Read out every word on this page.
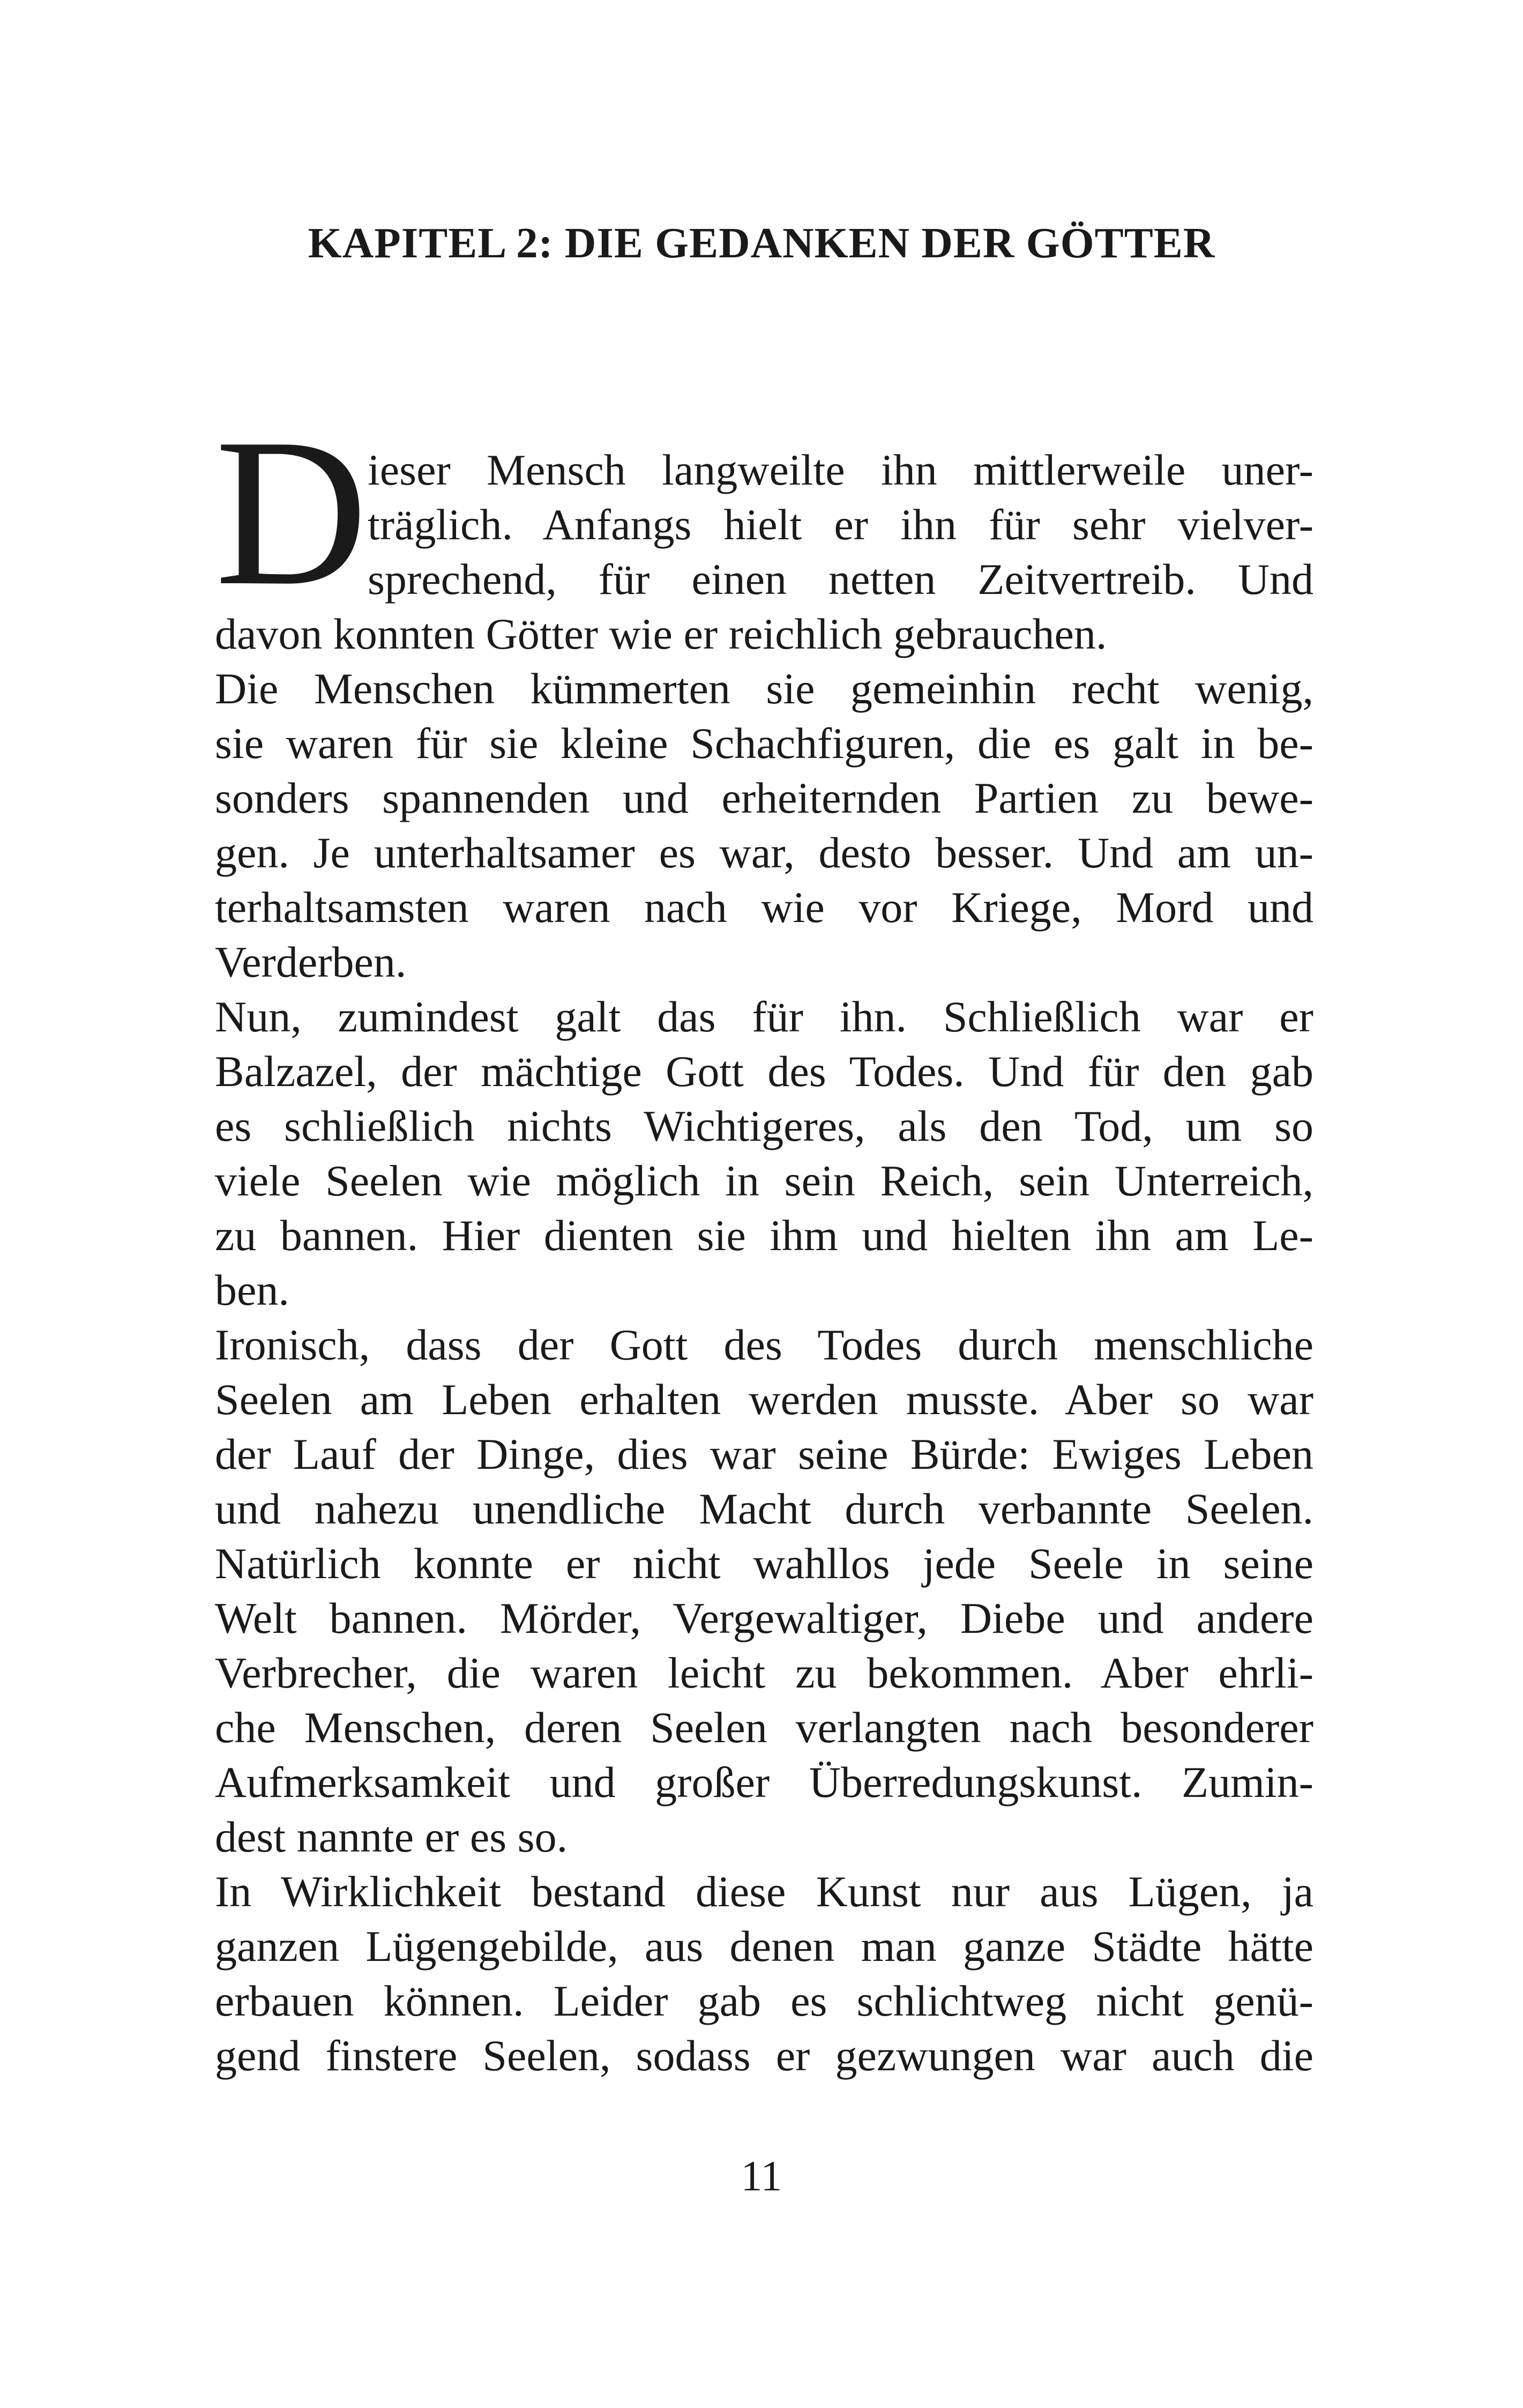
KAPITEL 2: DIE GEDANKEN DER GÖTTER
D ieser Mensch langweilte ihn mittlerweile uner-
träglich. Anfangs hielt er ihn für sehr vielver-
sprechend, für einen netten Zeitvertreib. Und
davon konnten Götter wie er reichlich gebrauchen.
Die Menschen kümmerten sie gemeinhin recht wenig,
sie waren für sie kleine Schachfiguren, die es galt in be-
sonders spannenden und erheiternden Partien zu bewe-
gen. Je unterhaltsamer es war, desto besser. Und am un-
terhaltsamsten waren nach wie vor Kriege, Mord und
Verderben.
Nun, zumindest galt das für ihn. Schließlich war er
Balzazel, der mächtige Gott des Todes. Und für den gab
es schließlich nichts Wichtigeres, als den Tod, um so
viele Seelen wie möglich in sein Reich, sein Unterreich,
zu bannen. Hier dienten sie ihm und hielten ihn am Le-
ben.
Ironisch, dass der Gott des Todes durch menschliche
Seelen am Leben erhalten werden musste. Aber so war
der Lauf der Dinge, dies war seine Bürde: Ewiges Leben
und nahezu unendliche Macht durch verbannte Seelen.
Natürlich konnte er nicht wahllos jede Seele in seine
Welt bannen. Mörder, Vergewaltiger, Diebe und andere
Verbrecher, die waren leicht zu bekommen. Aber ehrli-
che Menschen, deren Seelen verlangten nach besonderer
Aufmerksamkeit und großer Überredungskunst. Zumin-
dest nannte er es so.
In Wirklichkeit bestand diese Kunst nur aus Lügen, ja
ganzen Lügengebilde, aus denen man ganze Städte hätte
erbauen können. Leider gab es schlichtweg nicht genü-
gend finstere Seelen, sodass er gezwungen war auch die
11
